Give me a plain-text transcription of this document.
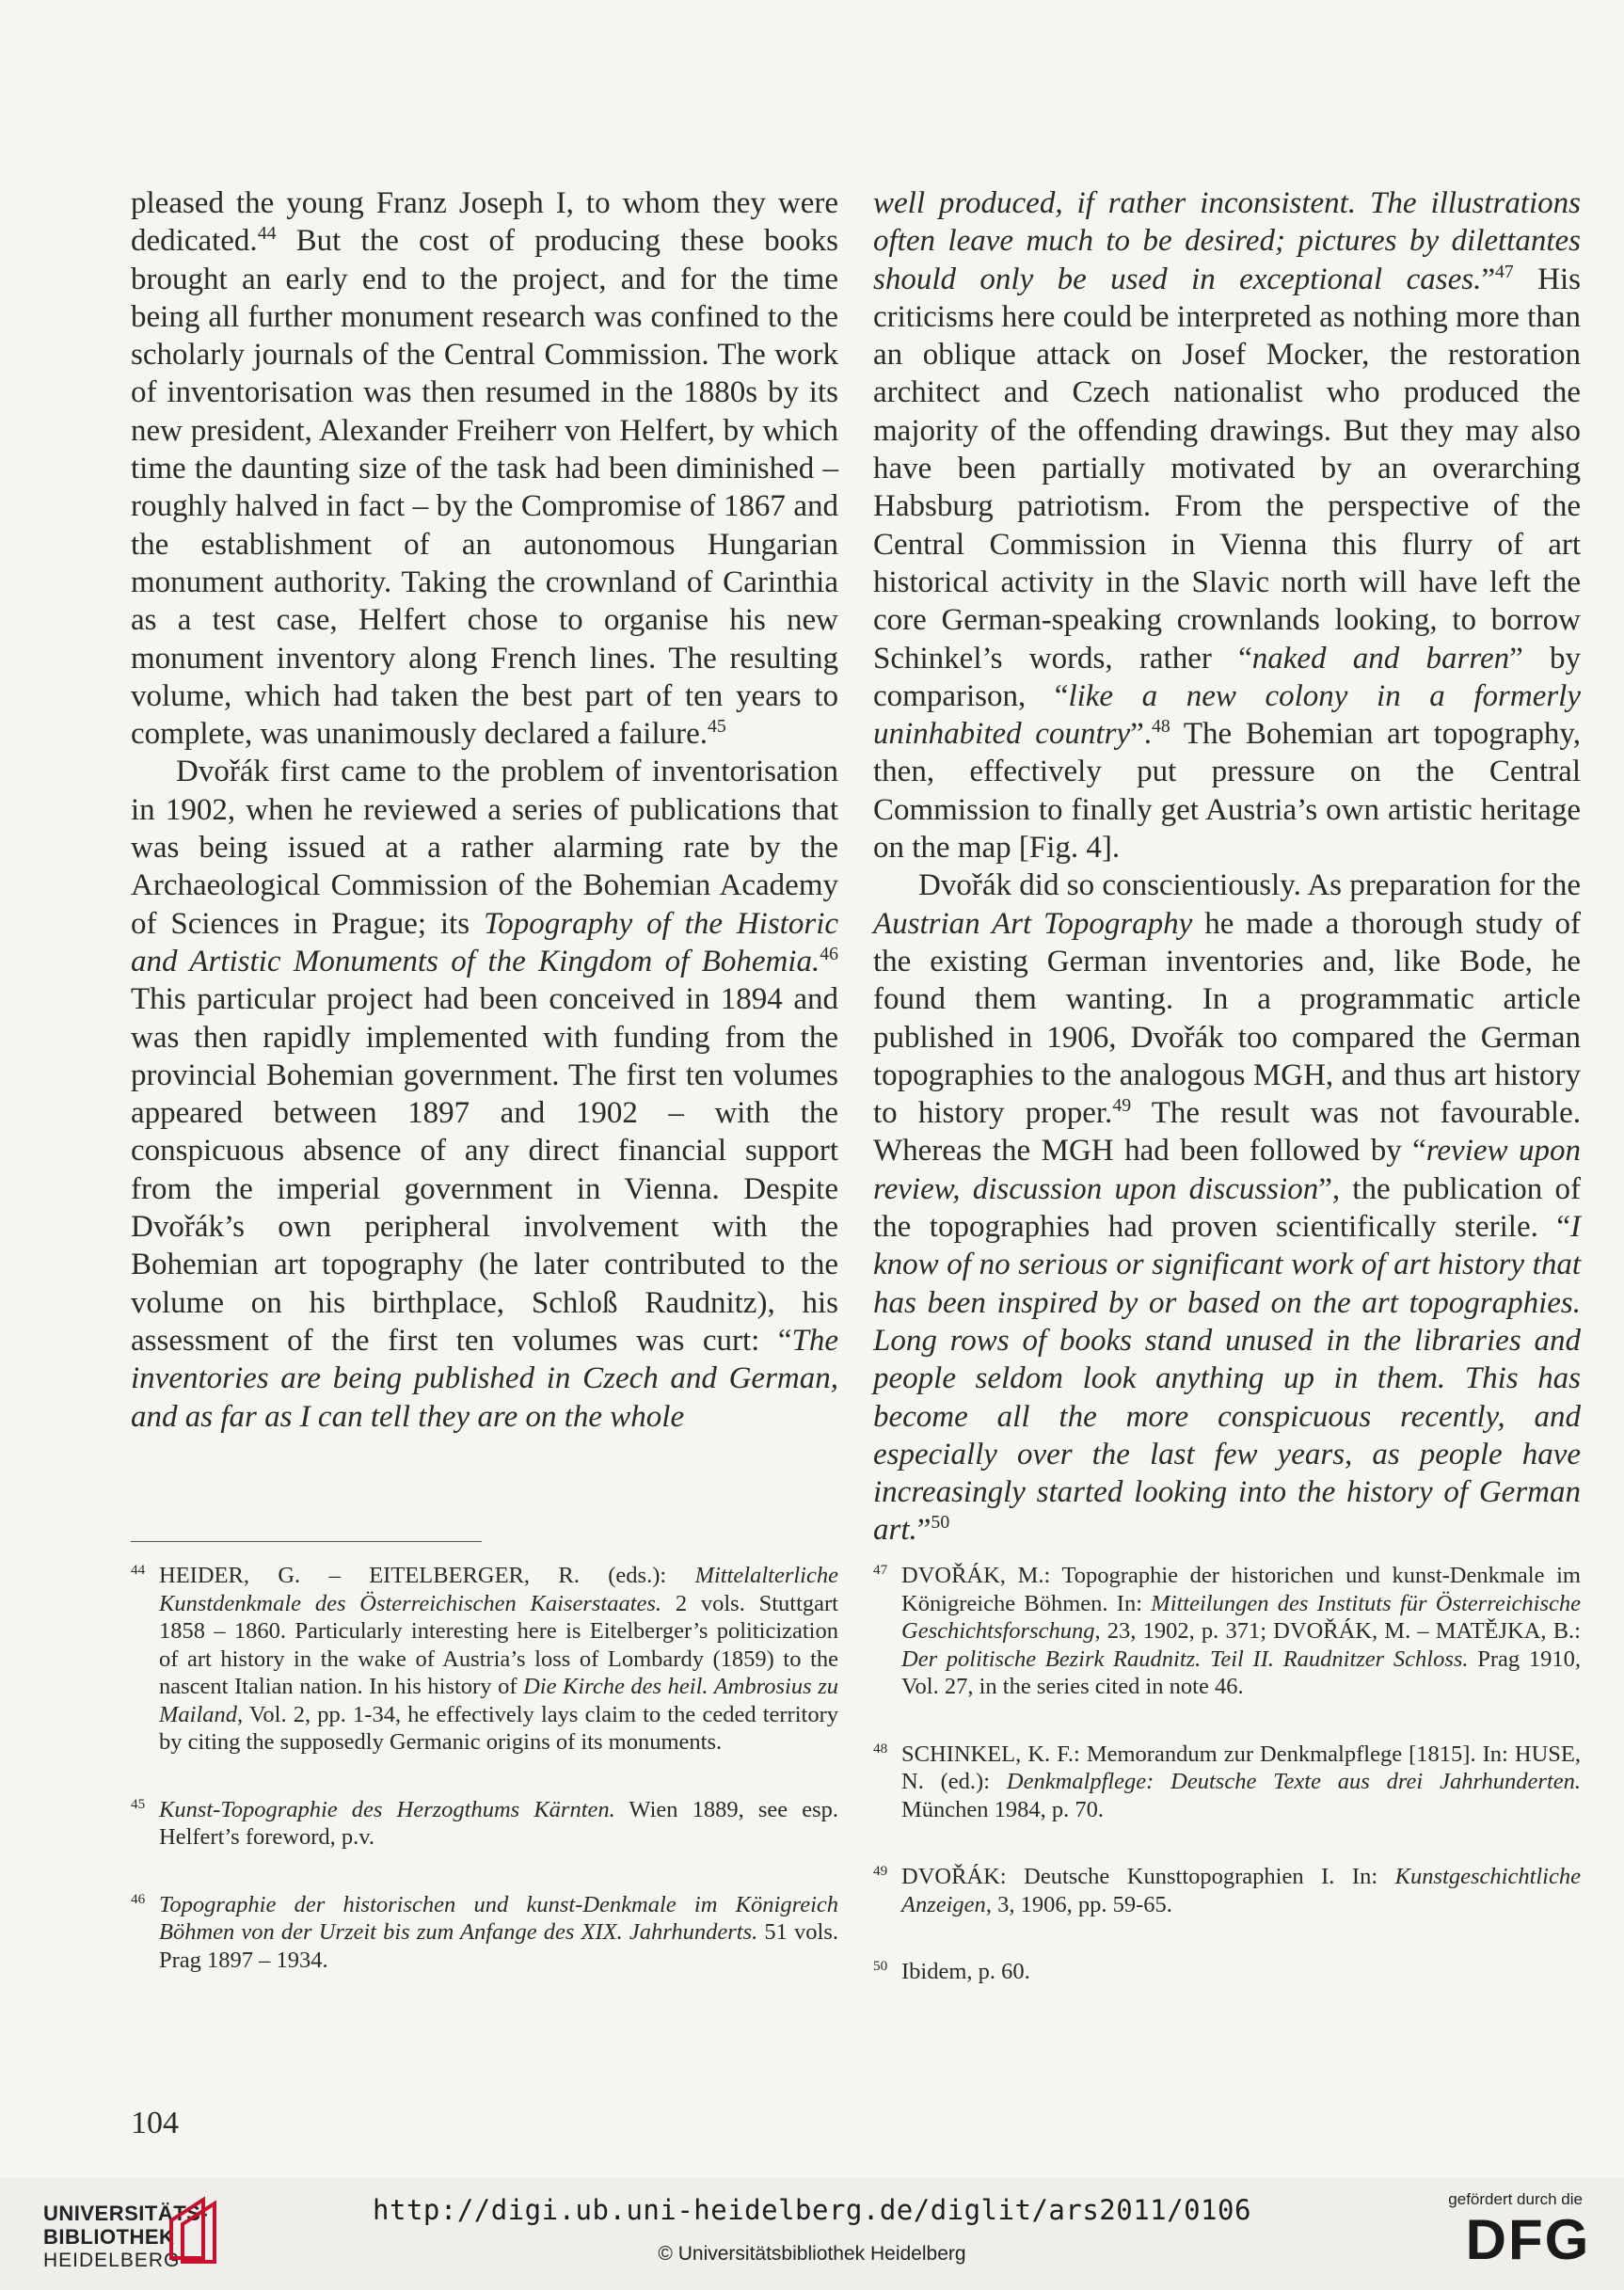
pleased the young Franz Joseph I, to whom they were dedicated.$^{44}$ But the cost of producing these books brought an early end to the project, and for the time being all further monument research was confined to the scholarly journals of the Central Commission. The work of inventorisation was then resumed in the 1880s by its new president, Alexander Freiherr von Helfert, by which time the daunting size of the task had been diminished – roughly halved in fact – by the Compromise of 1867 and the establishment of an autonomous Hungarian monument authority. Taking the crownland of Carinthia as a test case, Helfert chose to organise his new monument inventory along French lines. The resulting volume, which had taken the best part of ten years to complete, was unanimously declared a failure.$^{45}$

Dvořák first came to the problem of inventorisation in 1902, when he reviewed a series of publications that was being issued at a rather alarming rate by the Archaeological Commission of the Bohemian Academy of Sciences in Prague; its Topography of the Historic and Artistic Monuments of the Kingdom of Bohemia.$^{46}$ This particular project had been conceived in 1894 and was then rapidly implemented with funding from the provincial Bohemian government. The first ten volumes appeared between 1897 and 1902 – with the conspicuous absence of any direct financial support from the imperial government in Vienna. Despite Dvořák’s own peripheral involvement with the Bohemian art topography (he later contributed to the volume on his birthplace, Schloß Raudnitz), his assessment of the first ten volumes was curt: “The inventories are being published in Czech and German, and as far as I can tell they are on the whole

well produced, if rather inconsistent. The illustrations often leave much to be desired; pictures by dilettantes should only be used in exceptional cases.”$^{47}$ His criticisms here could be interpreted as nothing more than an oblique attack on Josef Mocker, the restoration architect and Czech nationalist who produced the majority of the offending drawings. But they may also have been partially motivated by an overarching Habsburg patriotism. From the perspective of the Central Commission in Vienna this flurry of art historical activity in the Slavic north will have left the core German-speaking crownlands looking, to borrow Schinkel’s words, rather “naked and barren” by comparison, “like a new colony in a formerly uninhabited country”.$^{48}$ The Bohemian art topography, then, effectively put pressure on the Central Commission to finally get Austria’s own artistic heritage on the map [Fig. 4].

Dvořák did so conscientiously. As preparation for the Austrian Art Topography he made a thorough study of the existing German inventories and, like Bode, he found them wanting. In a programmatic article published in 1906, Dvořák too compared the German topographies to the analogous MGH, and thus art history to history proper.$^{49}$ The result was not favourable. Whereas the MGH had been followed by “review upon review, discussion upon discussion”, the publication of the topographies had proven scientifically sterile. “I know of no serious or significant work of art history that has been inspired by or based on the art topographies. Long rows of books stand unused in the libraries and people seldom look anything up in them. This has become all the more conspicuous recently, and especially over the last few years, as people have increasingly started looking into the history of German art.”$^{50}$

$^{44}$ HEIDER, G. – EITELBERGER, R. (eds.): Mittelalterliche Kunstdenkmale des Österreichischen Kaiserstaates. 2 vols. Stuttgart 1858 – 1860. Particularly interesting here is Eitelberger’s politicization of art history in the wake of Austria’s loss of Lombardy (1859) to the nascent Italian nation. In his history of Die Kirche des heil. Ambrosius zu Mailand, Vol. 2, pp. 1-34, he effectively lays claim to the ceded territory by citing the supposedly Germanic origins of its monuments.

$^{45}$ Kunst-Topographie des Herzogthums Kärnten. Wien 1889, see esp. Helfert’s foreword, p.v.

$^{46}$ Topographie der historischen und kunst-Denkmale im Königreich Böhmen von der Urzeit bis zum Anfange des XIX. Jahrhunderts. 51 vols. Prag 1897 – 1934.

$^{47}$ DVOŘÁK, M.: Topographie der historichen und kunst-Denkmale im Königreiche Böhmen. In: Mitteilungen des Instituts für Österreichische Geschichtsforschung, 23, 1902, p. 371; DVOŘÁK, M. – MATĚJKA, B.: Der politische Bezirk Raudnitz. Teil II. Raudnitzer Schloss. Prag 1910, Vol. 27, in the series cited in note 46.

$^{48}$ SCHINKEL, K. F.: Memorandum zur Denkmalpflege [1815]. In: HUSE, N. (ed.): Denkmalpflege: Deutsche Texte aus drei Jahrhunderten. München 1984, p. 70.

$^{49}$ DVOŘÁK: Deutsche Kunsttopographien I. In: Kunstgeschichtliche Anzeigen, 3, 1906, pp. 59-65.

$^{50}$ Ibidem, p. 60.

104
UNIVERSITÄTS-
BIBLIOTHEK
HEIDELBERG
http://digi.ub.uni-heidelberg.de/diglit/ars2011/0106
© Universitätsbibliothek Heidelberg
gefördert durch die
DFG
